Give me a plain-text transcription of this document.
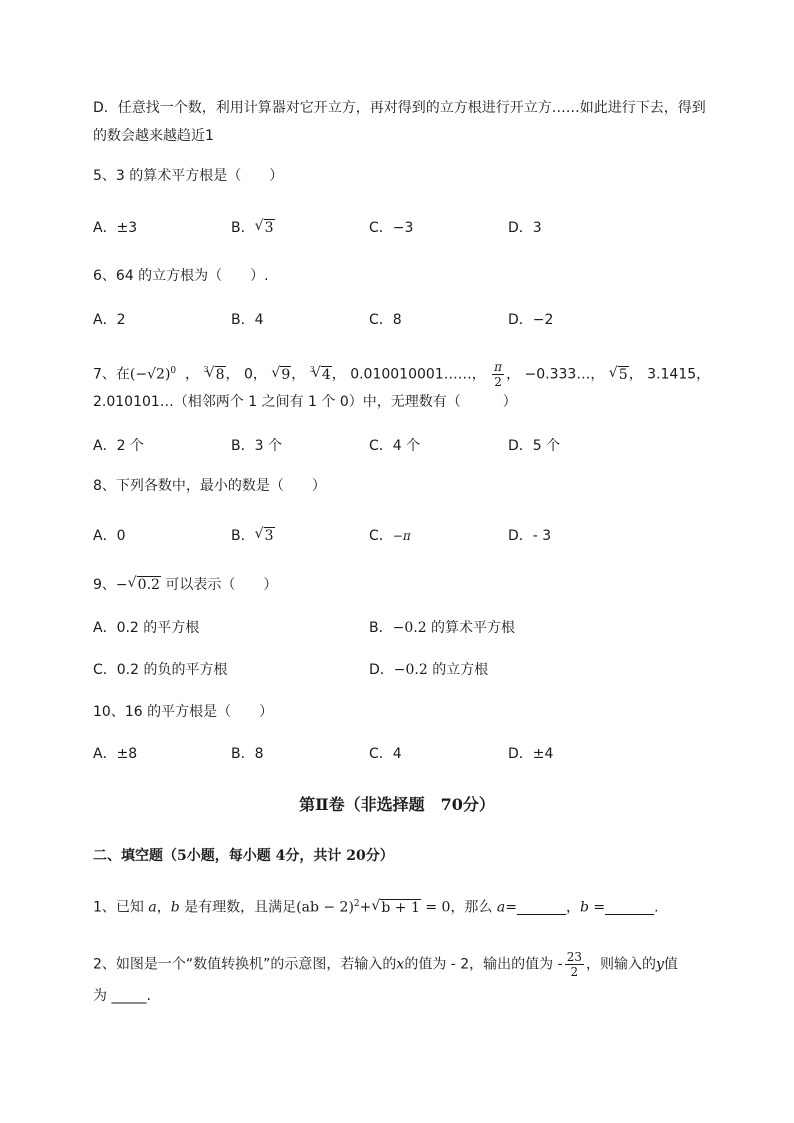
D．任意找一个数，利用计算器对它开立方，再对得到的立方根进行开立方……如此进行下去，得到
的数会越来越趋近1
5、3 的算术平方根是（ ）
A．±3	B． √ 3	C．−3	D．3
6、64 的立方根为（　　）.
A．2	B．4	C．8	D．−2
7、在$(-√2)^0$  ， $^3$ √ 8， 0， √ 9， $^3$ √ 4， 0.010010001……， $\frac{\pi}{2}$ ， −0.333…， √ 5， 3.1415，
2.010101…（相邻两个 1 之间有 1 个 0）中，无理数有（　　　）
A．2 个	B．3 个	C．4 个	D．5 个
8、下列各数中，最小的数是（　　）
A．0	B． √ 3	C．−π	D．- 3
9、− √ 0.2 可以表示（　　）
A．0.2 的平方根	B．−0.2 的算术平方根
C．0.2 的负的平方根	D．−0.2 的立方根
10、16 的平方根是（　　）
A．±8	B．8	C．4	D．±4
第Ⅱ卷（非选择题　70分）
二、填空题（5小题，每小题 4分，共计 20分）
1、已知 a，b 是有理数，且满足(ab − 2)$^2$+ √ b + 1 = 0，那么 a=_______，b =_______.
2、如图是一个“数值转换机”的示意图，若输入的x的值为 - 2，输出的值为 - $\frac{23}{2}$ ，则输入的y值
为 _____.
